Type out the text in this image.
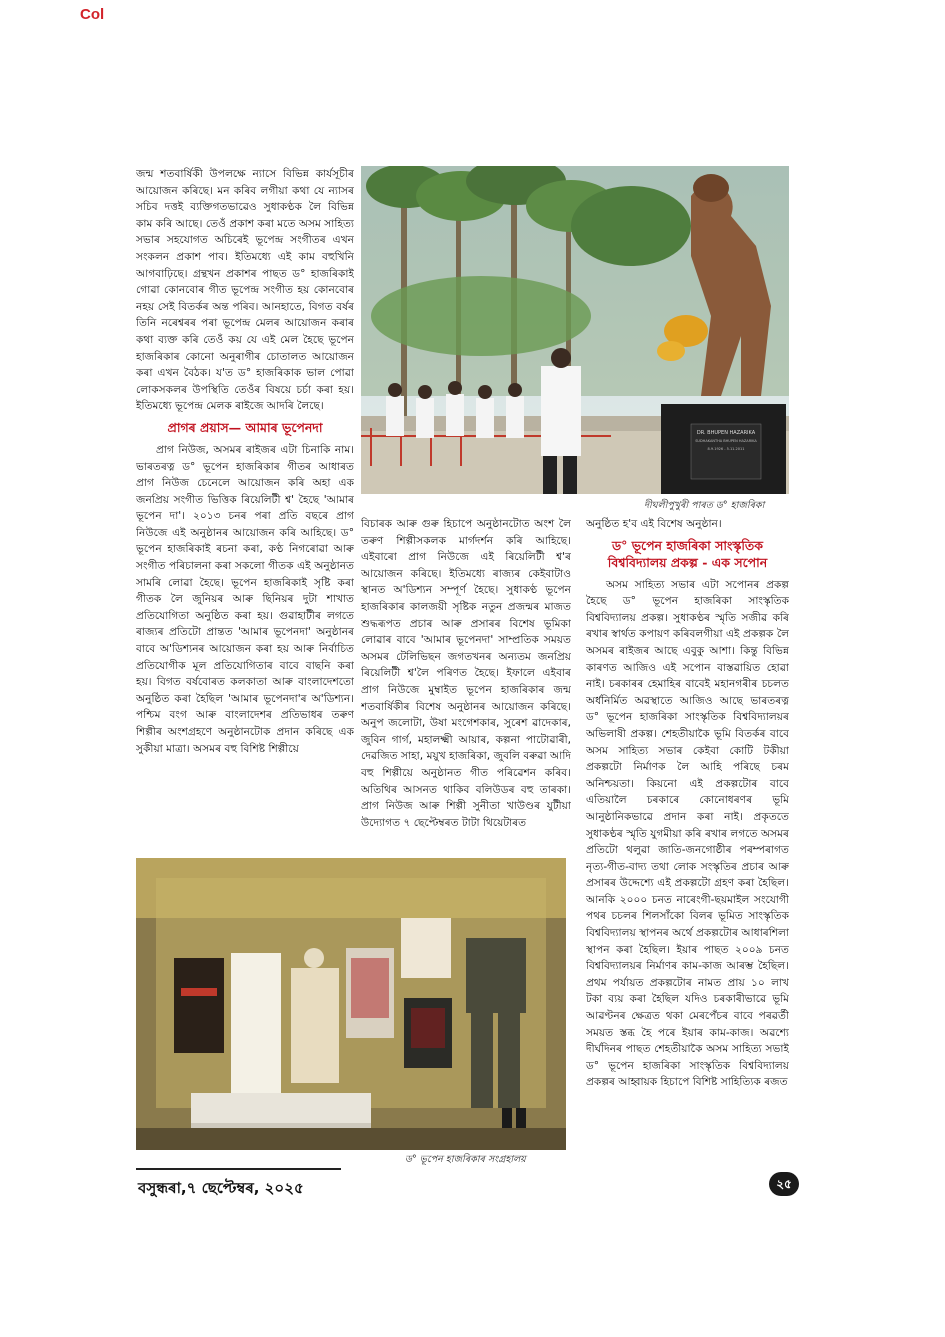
Col
DR. BHUPEN HAZARIKA
SUDHAKANTHA BHUPEN HAZARIKA
8.9.1926 - 5.11.2011
দীঘলীপুখুৰী পাৰত ড° হাজৰিকা

জন্ম শতবাৰ্ষিকী উপলক্ষে ন্যাসে বিভিন্ন কাৰ্যসূচীৰ আয়োজন কৰিছে। মন কৰিব লগীয়া কথা যে ন্যাসৰ সচিব দত্তই ব্যক্তিগতভাৱেও সুধাকণ্ঠক লৈ বিভিন্ন কাম কৰি আছে। তেওঁ প্ৰকাশ কৰা মতে অসম সাহিত্য সভাৰ সহযোগত অচিৰেই ভূপেন্দ্ৰ সংগীতৰ এখন সংকলন প্ৰকাশ পাব। ইতিমধ্যে এই কাম বহুখিনি আগবাঢ়িছে। গ্ৰন্থখন প্ৰকাশৰ পাছত ড° হাজৰিকাই গোৱা কোনবোৰ গীত ভূপেন্দ্ৰ সংগীত হয় কোনবোৰ নহয় সেই বিতৰ্কৰ অন্ত পৰিব। আনহাতে, বিগত বৰ্ষৰ তিনি নৰেশ্বৰৰ পৰা ভূপেন্দ্ৰ মেলৰ আয়োজন কৰাৰ কথা ব্যক্ত কৰি তেওঁ কয় যে এই মেল হৈছে ভূপেন হাজৰিকাৰ কোনো অনুৰাগীৰ চোতালত আয়োজন কৰা এখন বৈঠক। য'ত ড° হাজৰিকাক ভাল পোৱা লোকসকলৰ উপস্থিতি তেওঁৰ বিষয়ে চৰ্চা কৰা হয়। ইতিমধ্যে ভূপেন্দ্ৰ মেলক ৰাইজে আদৰি লৈছে।

প্ৰাগৰ প্ৰয়াস— আমাৰ ভূপেনদা

প্ৰাগ নিউজ, অসমৰ ৰাইজৰ এটা চিনাকি নাম। ভাৰতৰত্ন ড° ভূপেন হাজৰিকাৰ গীতৰ আধাৰত প্ৰাগ নিউজ চেনেলে আয়োজন কৰি অহা এক জনপ্ৰিয় সংগীত ভিত্তিক ৰিয়েলিটী শ্ব' হৈছে 'আমাৰ ভূপেন দা'। ২০১৩ চনৰ পৰা প্ৰতি বছৰে প্ৰাগ নিউজে এই অনুষ্ঠানৰ আয়োজন কৰি আহিছে। ড° ভূপেন হাজৰিকাই ৰচনা কৰা, কণ্ঠ নিগৰোৱা আৰু সংগীত পৰিচালনা কৰা সকলো গীতক এই অনুষ্ঠানত সামৰি লোৱা হৈছে। ভূপেন হাজৰিকাই সৃষ্টি কৰা গীতক লৈ জুনিয়ৰ আৰু ছিনিয়ৰ দুটা শাখাত প্ৰতিযোগিতা অনুষ্ঠিত কৰা হয়। গুৱাহাটীৰ লগতে ৰাজ্যৰ প্ৰতিটো প্ৰান্তত 'আমাৰ ভূপেনদা' অনুষ্ঠানৰ বাবে অ'ডিশ্যনৰ আয়োজন কৰা হয় আৰু নিৰ্বাচিত প্ৰতিযোগীক মূল প্ৰতিযোগিতাৰ বাবে বাছনি কৰা হয়। বিগত বৰ্ষবোৰত কলকাতা আৰু বাংলাদেশতো অনুষ্ঠিত কৰা হৈছিল 'আমাৰ ভূপেনদা'ৰ অ'ডিশ্যন। পশ্চিম বংগ আৰু বাংলাদেশৰ প্ৰতিভাধৰ তৰুণ শিল্পীৰ অংশগ্ৰহণে অনুষ্ঠানটোক প্ৰদান কৰিছে এক সুকীয়া মাত্ৰা। অসমৰ বহু বিশিষ্ট শিল্পীয়ে

বিচাৰক আৰু গুৰু হিচাপে অনুষ্ঠানটোত অংশ লৈ তৰুণ শিল্পীসকলক মাৰ্গদৰ্শন কৰি আহিছে। এইবাৰো প্ৰাগ নিউজে এই ৰিয়েলিটী শ্ব'ৰ আয়োজন কৰিছে। ইতিমধ্যে ৰাজ্যৰ কেইবাটাও স্থানত অ'ডিশ্যন সম্পূৰ্ণ হৈছে। সুধাকণ্ঠ ভূপেন হাজৰিকাৰ কালজয়ী সৃষ্টিক নতুন প্ৰজন্মৰ মাজত শুদ্ধৰূপত প্ৰচাৰ আৰু প্ৰসাৰৰ বিশেষ ভূমিকা লোৱাৰ বাবে 'আমাৰ ভূপেনদা' সাম্প্ৰতিক সময়ত অসমৰ টেলিভিছন জগতখনৰ অন্যতম জনপ্ৰিয় ৰিয়েলিটী শ্ব'লৈ পৰিণত হৈছে। ইফালে এইবাৰ প্ৰাগ নিউজে মুম্বাইত ভূপেন হাজৰিকাৰ জন্ম শতবাৰ্ষিকীৰ বিশেষ অনুষ্ঠানৰ আয়োজন কৰিছে। অনুপ জলোটা, উষা মংগেশকাৰ, সুৰেশ ৱাদেকাৰ, জুবিন গাৰ্গ, মহালক্ষ্মী আয়াৰ, কল্পনা পাটোৱাৰী, দেৱজিত সাহা, ময়ুখ হাজৰিকা, জুবলি বৰুৱা আদি বহু শিল্পীয়ে অনুষ্ঠানত গীত পৰিৱেশন কৰিব। অতিথিৰ আসনত থাকিব বলিউডৰ বহু তাৰকা। প্ৰাগ নিউজ আৰু শিল্পী সুনীতা খাউণ্ডৰ যুটীয়া উদ্যোগত ৭ ছেপ্টেম্বৰত টাটা থিয়েটাৰত

অনুষ্ঠিত হ'ব এই বিশেষ অনুষ্ঠান।

ড° ভূপেন হাজৰিকা সাংস্কৃতিক বিশ্ববিদ্যালয় প্ৰকল্প - এক সপোন

অসম সাহিত্য সভাৰ এটা সপোনৰ প্ৰকল্প হৈছে ড° ভূপেন হাজৰিকা সাংস্কৃতিক বিশ্ববিদ্যালয় প্ৰকল্প। সুধাকণ্ঠৰ স্মৃতি সজীৱ কৰি ৰখাৰ স্বাৰ্থত কপায়ণ কৰিবলগীয়া এই প্ৰকল্পক লৈ অসমৰ ৰাইজৰ আছে এবুকু আশা। কিন্তু বিভিন্ন কাৰণত আজিও এই সপোন বাস্তৱায়িত হোৱা নাই। চৰকাৰৰ হেমাহিৰ বাবেই মহানগৰীৰ চচলত অৰ্ধনিৰ্মিত অৱস্থাতে আজিও আছে ভাৰতৰত্ন ড° ভূপেন হাজৰিকা সাংস্কৃতিক বিশ্ববিদ্যালয়ৰ অভিলাষী প্ৰকল্প। শেহতীয়াকৈ ভূমি বিতৰ্কৰ বাবে অসম সাহিত্য সভাৰ কেইবা কোটি টকীয়া প্ৰকল্পটো নিৰ্মাণক লৈ আহি পৰিছে চৰম অনিশ্চয়তা। কিয়নো এই প্ৰকল্পটোৰ বাবে এতিয়ালৈ চৰকাৰে কোনোধৰণৰ ভূমি আনুষ্ঠানিকভাৱে প্ৰদান কৰা নাই। প্ৰকৃততে সুধাকণ্ঠৰ স্মৃতি যুগমীয়া কৰি ৰখাৰ লগতে অসমৰ প্ৰতিটো থলুৱা জাতি-জনগোষ্ঠীৰ পৰম্পৰাগত নৃত্য-গীত-বাদ্য তথা লোক সংস্কৃতিৰ প্ৰচাৰ আৰু প্ৰসাৰৰ উদ্দেশ্যে এই প্ৰকল্পটো গ্ৰহণ কৰা হৈছিল। আনকি ২০০০ চনত নাৰেংগী-ছয়মাইল সংযোগী পথৰ চচলৰ শিলসাঁকো বিলৰ ভূমিত সাংস্কৃতিক বিশ্ববিদ্যালয় স্থাপনৰ অৰ্থে প্ৰকল্পটোৰ আধাৰশিলা স্থাপন কৰা হৈছিল। ইয়াৰ পাছত ২০০৯ চনত বিশ্ববিদ্যালয়ৰ নিৰ্মাণৰ কাম-কাজ আৰম্ভ হৈছিল। প্ৰথম পৰ্যায়ত প্ৰকল্পটোৰ নামত প্ৰায় ১০ লাখ টকা ব্যয় কৰা হৈছিল যদিও চৰকাৰীভাৱে ভূমি আৱণ্টনৰ ক্ষেত্ৰত থকা মেৰপেঁচৰ বাবে পৰৱৰ্তী সময়ত স্তব্ধ হৈ পৰে ইয়াৰ কাম-কাজ। অৱশ্যে দীৰ্ঘদিনৰ পাছত শেহতীয়াকৈ অসম সাহিত্য সভাই ড° ভূপেন হাজৰিকা সাংস্কৃতিক বিশ্ববিদ্যালয় প্ৰকল্পৰ আহ্বায়ক হিচাপে বিশিষ্ট সাহিত্যিক ৰজত

ড° ভূপেন হাজৰিকাৰ সংগ্ৰহালয়
বসুন্ধৰা,৭ ছেপ্টেম্বৰ, ২০২৫	২৫
